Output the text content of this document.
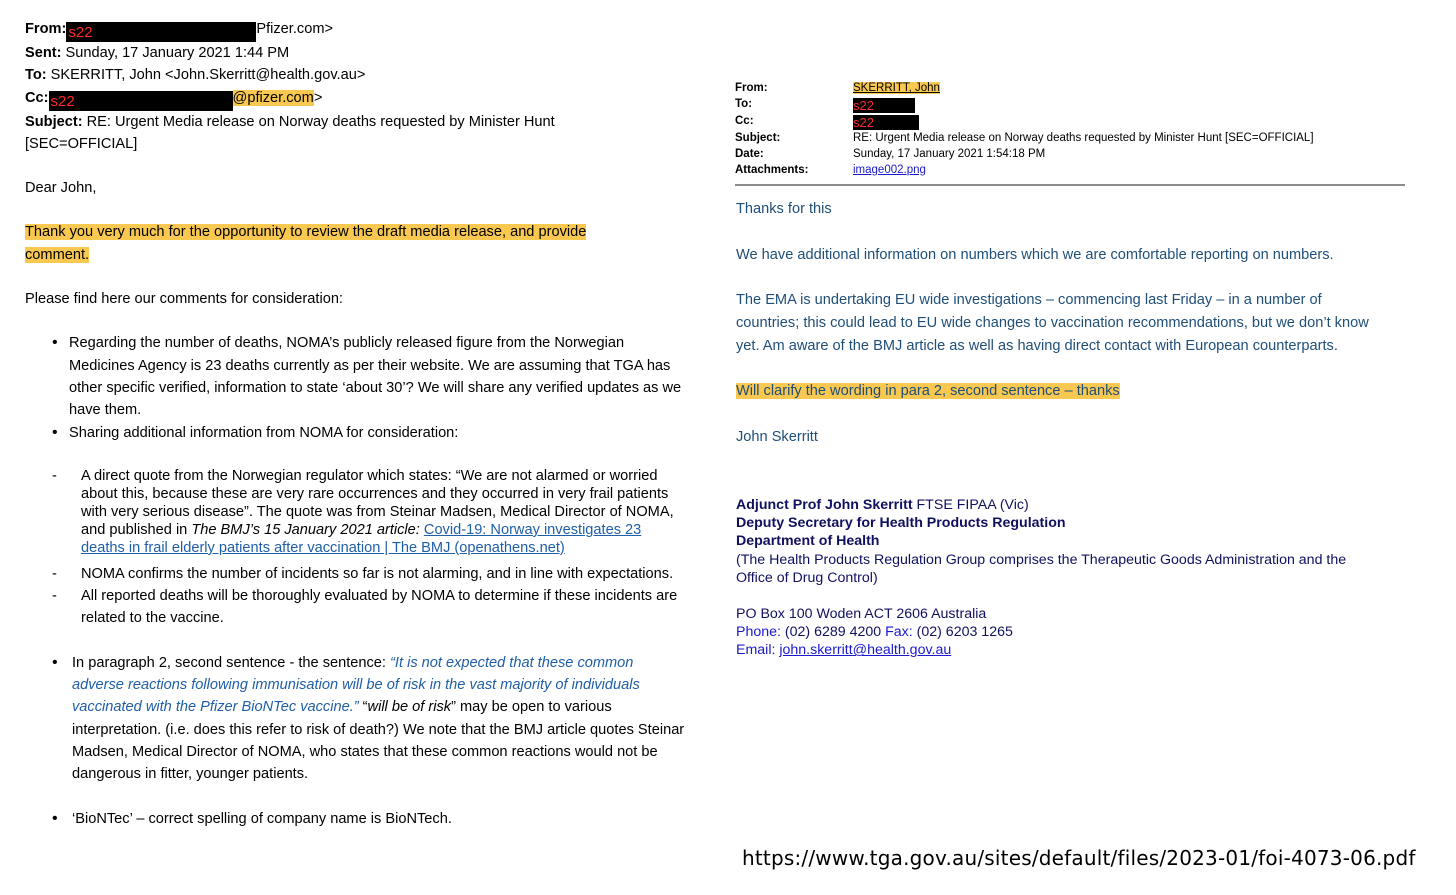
From: s22	Pfizer.com>
Sent: Sunday, 17 January 2021 1:44 PM
To: SKERRITT, John <John.Skerritt@health.gov.au>
Cc: s22	@pfizer.com>
Subject: RE: Urgent Media release on Norway deaths requested by Minister Hunt
[SEC=OFFICIAL]
Dear John,
Thank you very much for the opportunity to review the draft media release, and provide
comment.
Please find here our comments for consideration:
• Regarding the number of deaths, NOMA’s publicly released figure from the Norwegian Medicines Agency is 23 deaths currently as per their website. We are assuming that TGA has other specific verified, information to state ‘about 30’? We will share any verified updates as we have them.
• Sharing additional information from NOMA for consideration:
- A direct quote from the Norwegian regulator which states: “We are not alarmed or worried about this, because these are very rare occurrences and they occurred in very frail patients with very serious disease”. The quote was from Steinar Madsen, Medical Director of NOMA, and published in The BMJ’s 15 January 2021 article: Covid-19: Norway investigates 23 deaths in frail elderly patients after vaccination | The BMJ (openathens.net)
- NOMA confirms the number of incidents so far is not alarming, and in line with expectations.
- All reported deaths will be thoroughly evaluated by NOMA to determine if these incidents are related to the vaccine.
• In paragraph 2, second sentence - the sentence: “It is not expected that these common adverse reactions following immunisation will be of risk in the vast majority of individuals vaccinated with the Pfizer BioNTec vaccine.” “will be of risk” may be open to various interpretation. (i.e. does this refer to risk of death?) We note that the BMJ article quotes Steinar Madsen, Medical Director of NOMA, who states that these common reactions would not be dangerous in fitter, younger patients.
• ‘BioNTec’ – correct spelling of company name is BioNTech.
From:	SKERRITT, John
To:	s22
Cc:	s22
Subject:	RE: Urgent Media release on Norway deaths requested by Minister Hunt [SEC=OFFICIAL]
Date:	Sunday, 17 January 2021 1:54:18 PM
Attachments:	image002.png

Thanks for this

We have additional information on numbers which we are comfortable reporting on numbers.

The EMA is undertaking EU wide investigations – commencing last Friday – in a number of countries; this could lead to EU wide changes to vaccination recommendations, but we don’t know yet. Am aware of the BMJ article as well as having direct contact with European counterparts.

Will clarify the wording in para 2, second sentence – thanks

John Skerritt

Adjunct Prof John Skerritt FTSE FIPAA (Vic)
Deputy Secretary for Health Products Regulation
Department of Health
(The Health Products Regulation Group comprises the Therapeutic Goods Administration and the Office of Drug Control)
PO Box 100 Woden ACT 2606 Australia
Phone: (02) 6289 4200 Fax: (02) 6203 1265
Email: john.skerritt@health.gov.au
https://www.tga.gov.au/sites/default/files/2023-01/foi-4073-06.pdf
